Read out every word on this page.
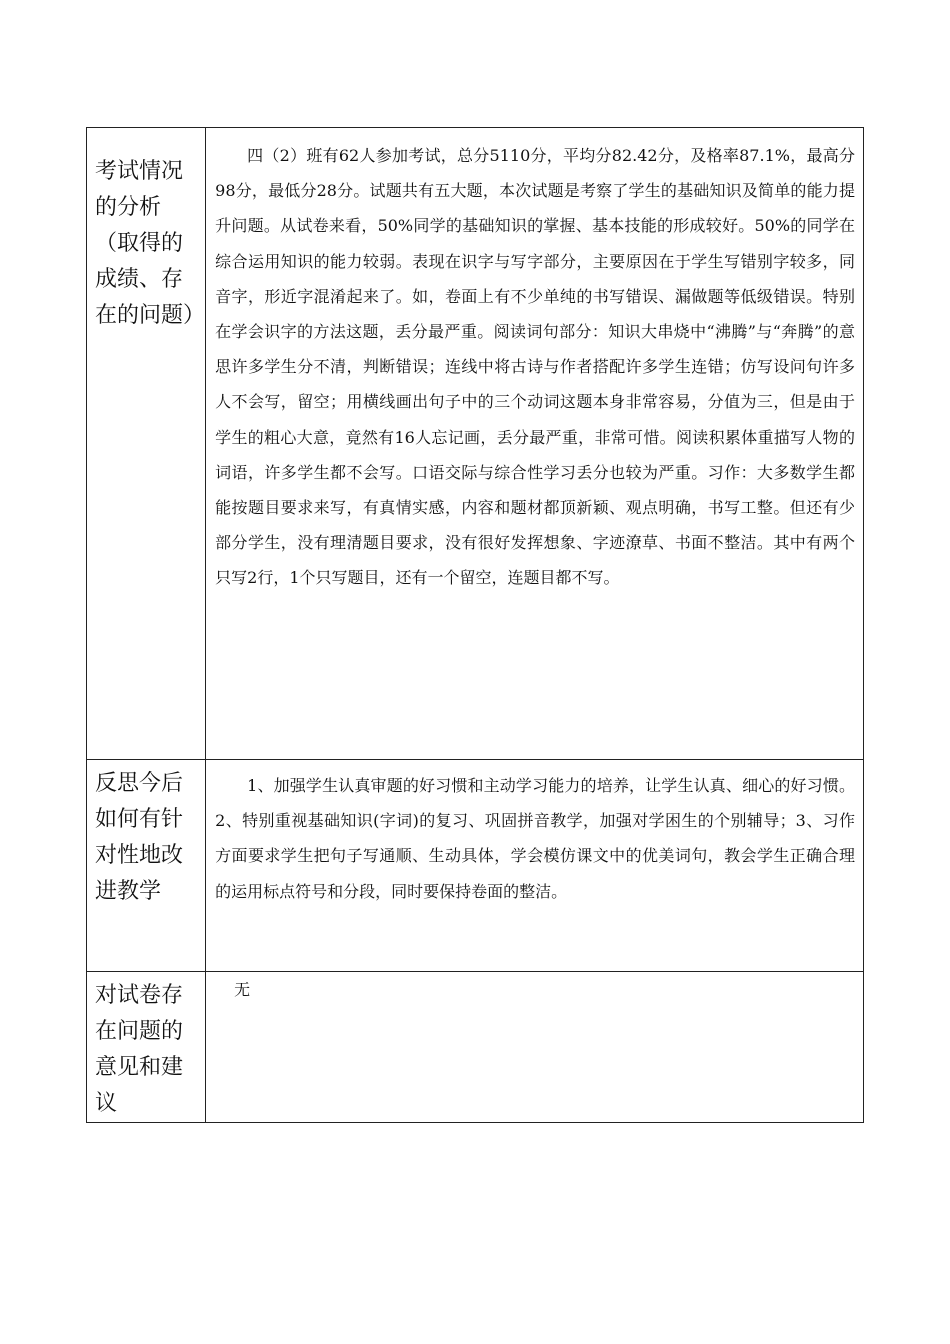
考试情况的分析（取得的成绩、存在的问题）	四（2）班有62人参加考试，总分5110分，平均分82.42分，及格率87.1%，最高分98分，最低分28分。试题共有五大题，本次试题是考察了学生的基础知识及简单的能力提升问题。从试卷来看，50%同学的基础知识的掌握、基本技能的形成较好。50%的同学在综合运用知识的能力较弱。表现在识字与写字部分，主要原因在于学生写错别字较多，同音字，形近字混淆起来了。如，卷面上有不少单纯的书写错误、漏做题等低级错误。特别在学会识字的方法这题，丢分最严重。阅读词句部分：知识大串烧中“沸腾”与“奔腾”的意思许多学生分不清，判断错误；连线中将古诗与作者搭配许多学生连错；仿写设问句许多人不会写，留空；用横线画出句子中的三个动词这题本身非常容易，分值为三，但是由于学生的粗心大意，竟然有16人忘记画，丢分最严重，非常可惜。阅读积累体重描写人物的词语，许多学生都不会写。口语交际与综合性学习丢分也较为严重。习作：大多数学生都能按题目要求来写，有真情实感，内容和题材都顶新颖、观点明确，书写工整。但还有少部分学生，没有理清题目要求，没有很好发挥想象、字迹潦草、书面不整洁。其中有两个只写2行，1个只写题目，还有一个留空，连题目都不写。

反思今后如何有针对性地改进教学	1、加强学生认真审题的好习惯和主动学习能力的培养，让学生认真、细心的好习惯。2、特别重视基础知识(字词)的复习、巩固拼音教学，加强对学困生的个别辅导；3、习作方面要求学生把句子写通顺、生动具体，学会模仿课文中的优美词句，教会学生正确合理的运用标点符号和分段，同时要保持卷面的整洁。

对试卷存在问题的意见和建议	无
